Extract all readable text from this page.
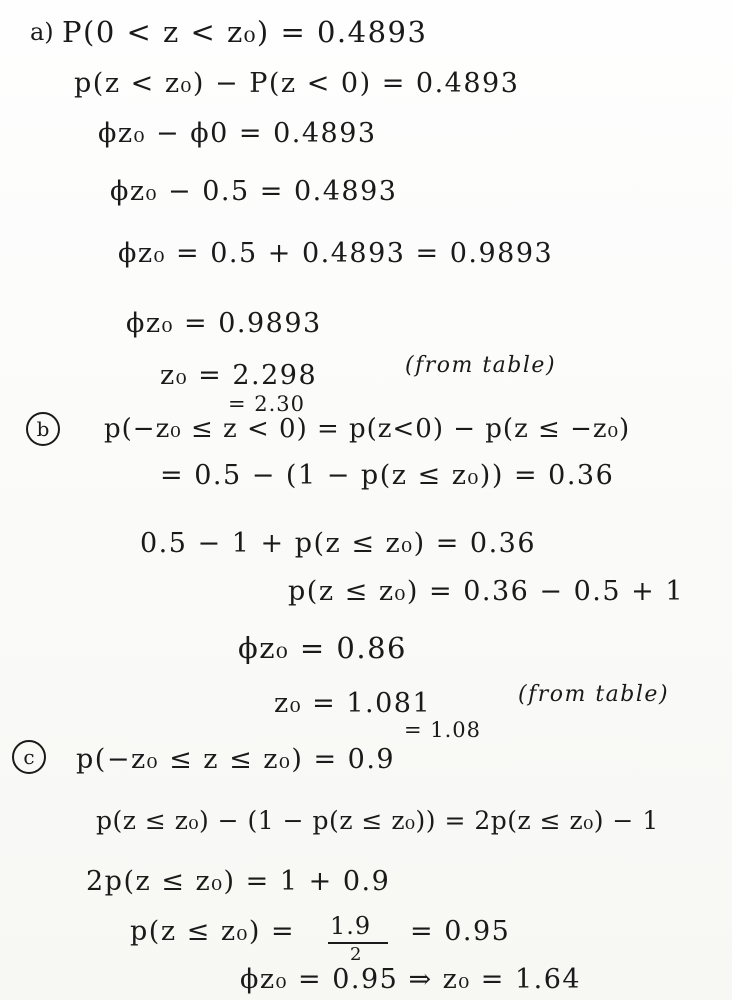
a) P(0 < z < z₀) = 0.4893
p(z < z₀) − P(z < 0) = 0.4893
ϕz₀ − ϕ0 = 0.4893
ϕz₀ − 0.5 = 0.4893
ϕz₀ = 0.5 + 0.4893 = 0.9893
ϕz₀ = 0.9893
z₀ = 2.298	(from table)
= 2.30
b	p(−z₀ ≤ z < 0) = p(z<0) − p(z ≤ −z₀)
= 0.5 − (1 − p(z ≤ z₀)) = 0.36
0.5 − 1 + p(z ≤ z₀) = 0.36
p(z ≤ z₀) = 0.36 − 0.5 + 1
ϕz₀ = 0.86
z₀ = 1.081	(from table)
= 1.08
c	p(−z₀ ≤ z ≤ z₀) = 0.9
p(z ≤ z₀) − (1 − p(z ≤ z₀)) = 2p(z ≤ z₀) − 1
2p(z ≤ z₀) = 1 + 0.9
p(z ≤ z₀) = 1.9
2
= 0.95
ϕz₀ = 0.95 ⇒ z₀ = 1.64
